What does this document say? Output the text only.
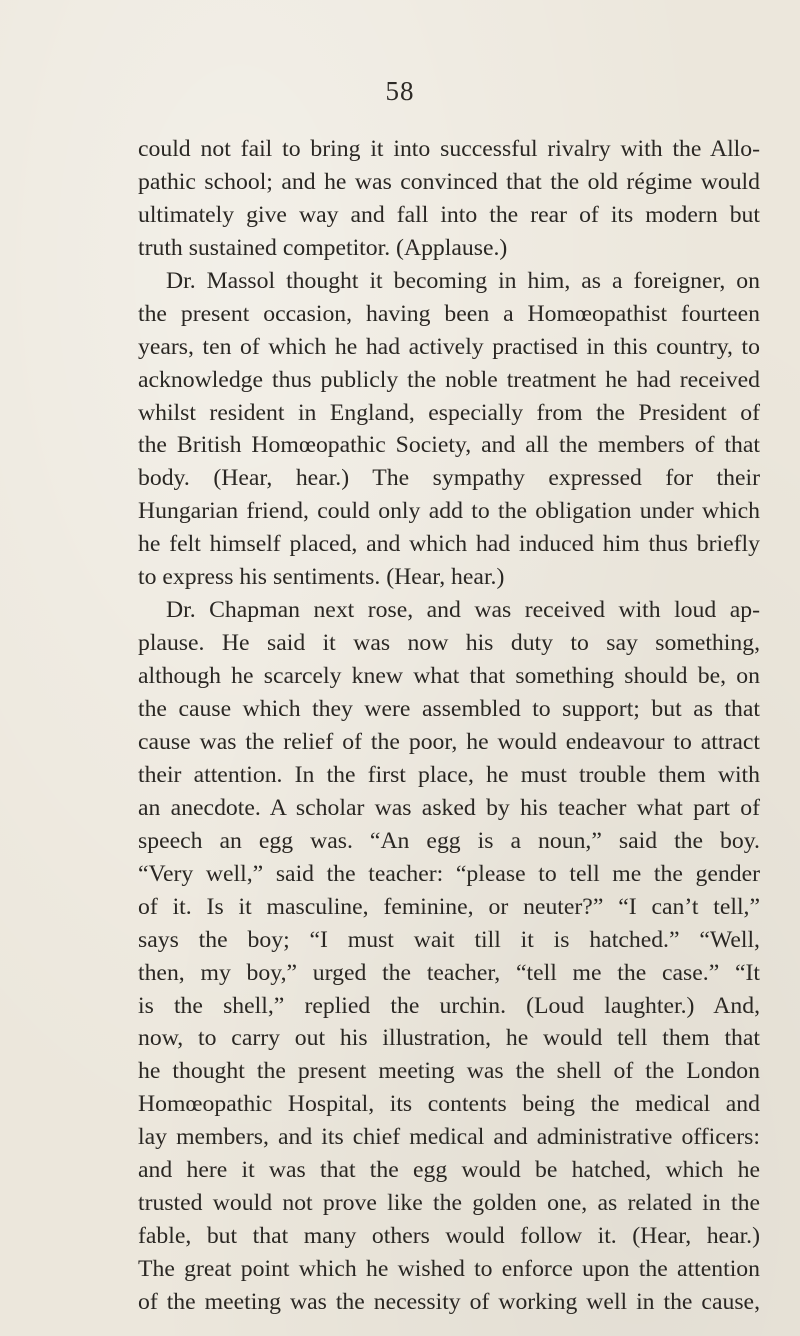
58
could not fail to bring it into successful rivalry with the Allo-
pathic school; and he was convinced that the old régime would
ultimately give way and fall into the rear of its modern but
truth sustained competitor. (Applause.)
Dr. Massol thought it becoming in him, as a foreigner, on
the present occasion, having been a Homœopathist fourteen
years, ten of which he had actively practised in this country, to
acknowledge thus publicly the noble treatment he had received
whilst resident in England, especially from the President of
the British Homœopathic Society, and all the members of that
body. (Hear, hear.) The sympathy expressed for their
Hungarian friend, could only add to the obligation under which
he felt himself placed, and which had induced him thus briefly
to express his sentiments. (Hear, hear.)
Dr. Chapman next rose, and was received with loud ap-
plause. He said it was now his duty to say something,
although he scarcely knew what that something should be, on
the cause which they were assembled to support; but as that
cause was the relief of the poor, he would endeavour to attract
their attention. In the first place, he must trouble them with
an anecdote. A scholar was asked by his teacher what part of
speech an egg was. “An egg is a noun,” said the boy.
“Very well,” said the teacher: “please to tell me the gender
of it. Is it masculine, feminine, or neuter?” “I can’t tell,”
says the boy; “I must wait till it is hatched.” “Well,
then, my boy,” urged the teacher, “tell me the case.” “It
is the shell,” replied the urchin. (Loud laughter.) And,
now, to carry out his illustration, he would tell them that
he thought the present meeting was the shell of the London
Homœopathic Hospital, its contents being the medical and
lay members, and its chief medical and administrative officers:
and here it was that the egg would be hatched, which he
trusted would not prove like the golden one, as related in the
fable, but that many others would follow it. (Hear, hear.)
The great point which he wished to enforce upon the attention
of the meeting was the necessity of working well in the cause,
